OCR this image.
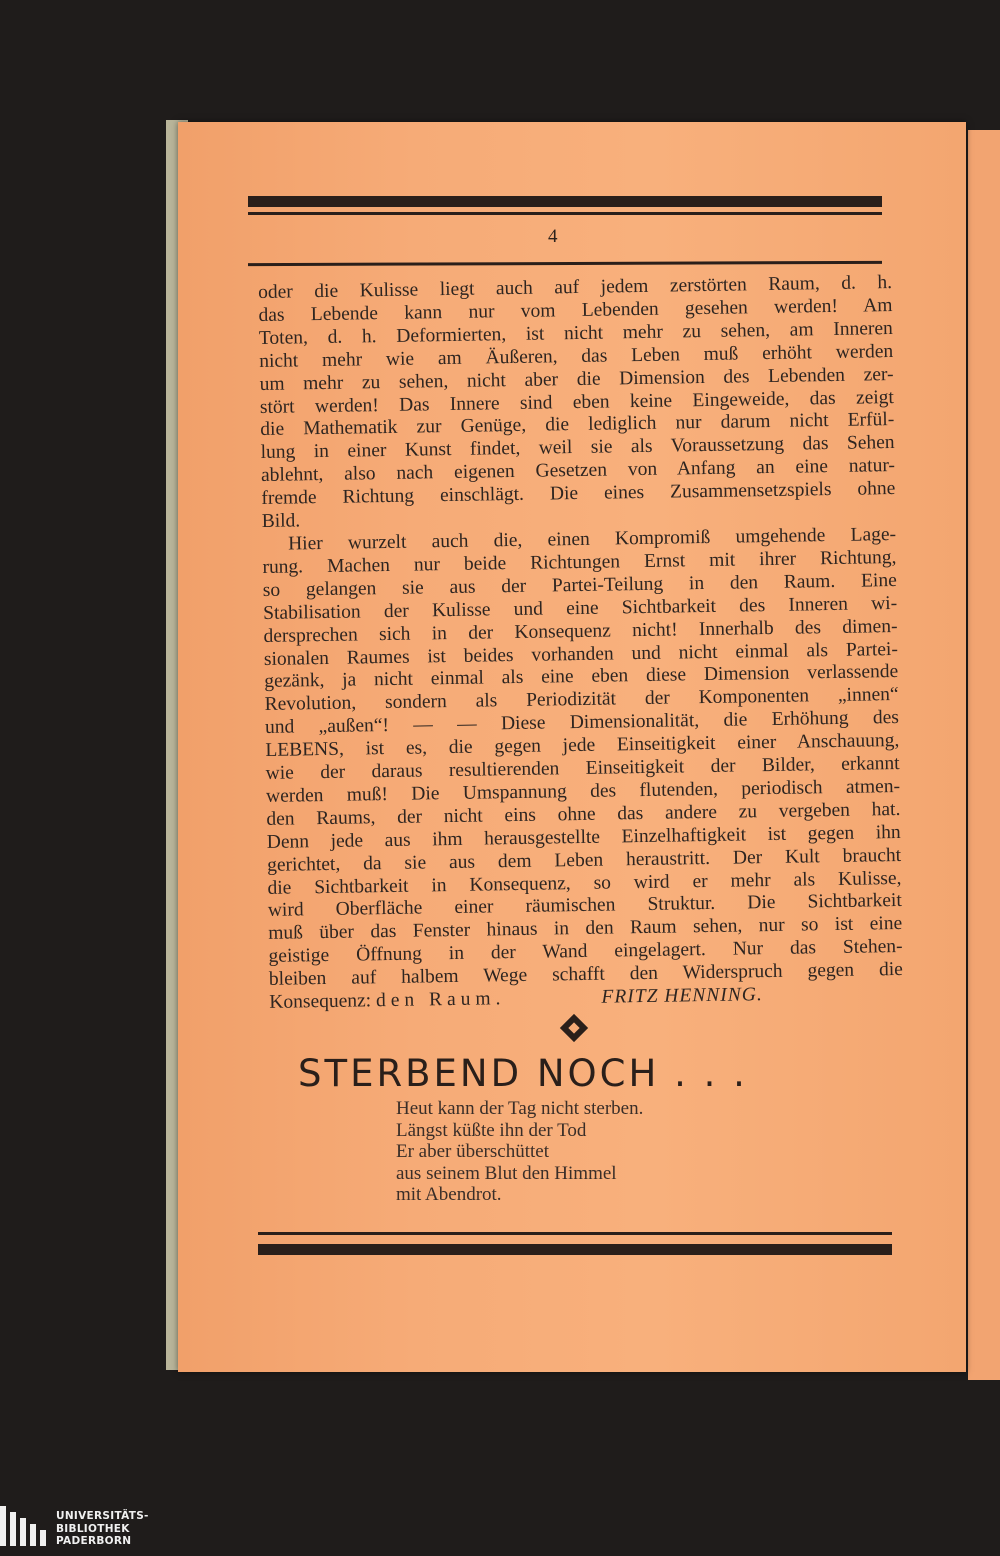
4

oder die Kulisse liegt auch auf jedem zerstörten Raum, d. h.
das Lebende kann nur vom Lebenden gesehen werden! Am
Toten, d. h. Deformierten, ist nicht mehr zu sehen, am Inneren
nicht mehr wie am Äußeren, das Leben muß erhöht werden
um mehr zu sehen, nicht aber die Dimension des Lebenden zer-
stört werden! Das Innere sind eben keine Eingeweide, das zeigt
die Mathematik zur Genüge, die lediglich nur darum nicht Erfül-
lung in einer Kunst findet, weil sie als Voraussetzung das Sehen
ablehnt, also nach eigenen Gesetzen von Anfang an eine natur-
fremde Richtung einschlägt. Die eines Zusammensetzspiels ohne
Bild.

Hier wurzelt auch die, einen Kompromiß umgehende Lage-
rung. Machen nur beide Richtungen Ernst mit ihrer Richtung,
so gelangen sie aus der Partei-Teilung in den Raum. Eine
Stabilisation der Kulisse und eine Sichtbarkeit des Inneren wi-
dersprechen sich in der Konsequenz nicht! Innerhalb des dimen-
sionalen Raumes ist beides vorhanden und nicht einmal als Partei-
gezänk, ja nicht einmal als eine eben diese Dimension verlassende
Revolution, sondern als Periodizität der Komponenten „innen“
und „außen“! — — Diese Dimensionalität, die Erhöhung des
LEBENS, ist es, die gegen jede Einseitigkeit einer Anschauung,
wie der daraus resultierenden Einseitigkeit der Bilder, erkannt
werden muß! Die Umspannung des flutenden, periodisch atmen-
den Raums, der nicht eins ohne das andere zu vergeben hat.
Denn jede aus ihm herausgestellte Einzelhaftigkeit ist gegen ihn
gerichtet, da sie aus dem Leben heraustritt. Der Kult braucht
die Sichtbarkeit in Konsequenz, so wird er mehr als Kulisse,
wird Oberfläche einer räumischen Struktur. Die Sichtbarkeit
muß über das Fenster hinaus in den Raum sehen, nur so ist eine
geistige Öffnung in der Wand eingelagert. Nur das Stehen-
bleiben auf halbem Wege schafft den Widerspruch gegen die
Konsequenz: den Raum.	FRITZ HENNING.

STERBEND NOCH . . .
Heut kann der Tag nicht sterben.
Längst küßte ihn der Tod
Er aber überschüttet
aus seinem Blut den Himmel
mit Abendrot.
UNIVERSITÄTS-
BIBLIOTHEK
PADERBORN
